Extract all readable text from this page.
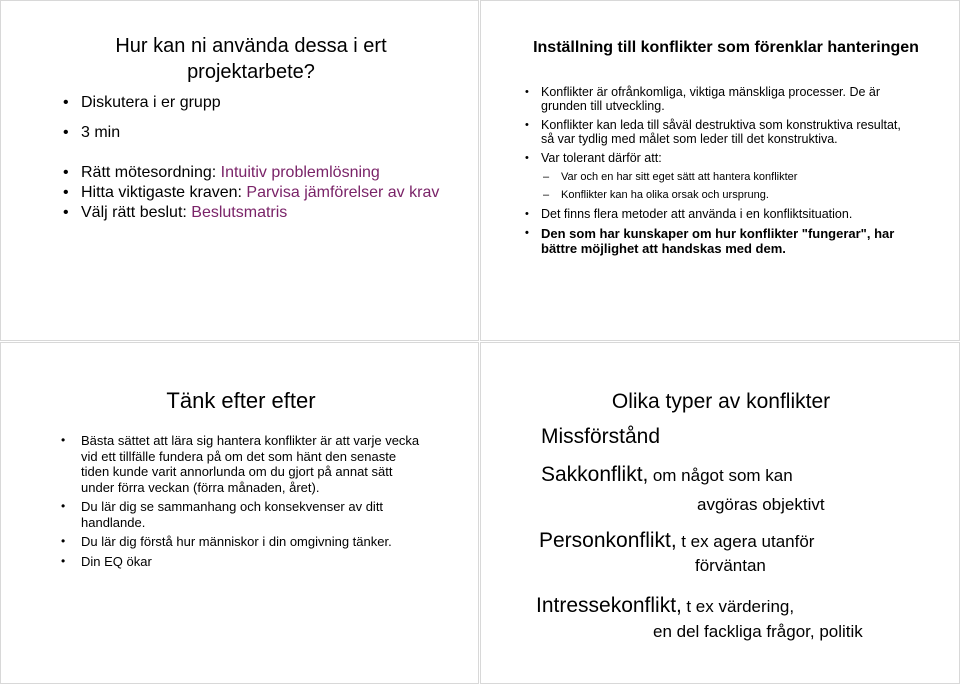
Hur kan ni använda dessa i ert projektarbete?
• Diskutera i er grupp
• 3 min
• Rätt mötesordning: Intuitiv problemlösning
• Hitta viktigaste kraven: Parvisa jämförelser av krav
• Välj rätt beslut: Beslutsmatris
Inställning till konflikter som förenklar hanteringen
• Konflikter är ofrånkomliga, viktiga mänskliga processer. De är grunden till utveckling.
• Konflikter kan leda till såväl destruktiva som konstruktiva resultat, så var tydlig med målet som leder till det konstruktiva.
• Var tolerant därför att:
– Var och en har sitt eget sätt att hantera konflikter
– Konflikter kan ha olika orsak och ursprung.
• Det finns flera metoder att använda i en konfliktsituation.
• Den som har kunskaper om hur konflikter "fungerar", har bättre möjlighet att handskas med dem.
Tänk efter efter
• Bästa sättet att lära sig hantera konflikter är att varje vecka vid ett tillfälle fundera på om det som hänt den senaste tiden kunde varit annorlunda om du gjort på annat sätt under förra veckan (förra månaden, året).
• Du lär dig se sammanhang och konsekvenser av ditt handlande.
• Du lär dig förstå hur människor i din omgivning tänker.
• Din EQ ökar
Olika typer av konflikter
Missförstånd
Sakkonflikt, om något som kan
avgöras objektivt
Personkonflikt, t ex agera utanför
förväntan
Intressekonflikt, t ex värdering,
en del fackliga frågor, politik
